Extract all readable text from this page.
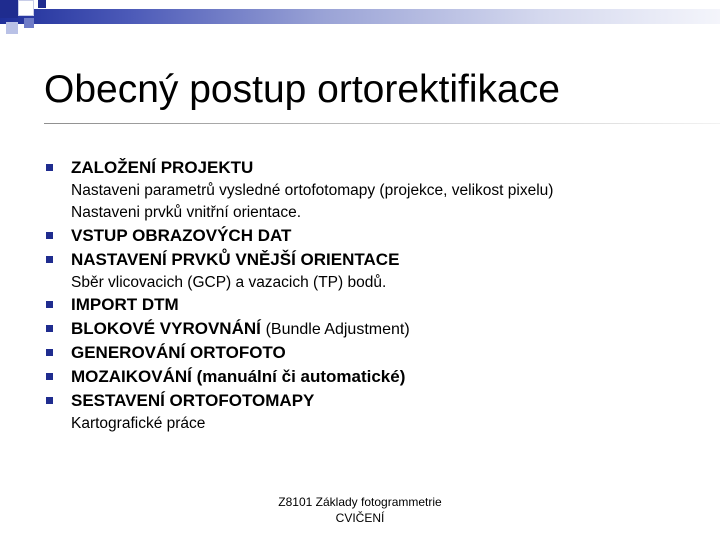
Obecný postup ortorektifikace
ZALOŽENÍ PROJEKTU
Nastaveni parametrů vysledné ortofotomapy (projekce, velikost pixelu)
Nastaveni prvků vnitřní orientace.
VSTUP OBRAZOVÝCH DAT
NASTAVENÍ PRVKŮ VNĚJŠÍ ORIENTACE
Sběr vlicovacich (GCP) a vazacich (TP) bodů.
IMPORT DTM
BLOKOVÉ VYROVNÁNÍ (Bundle Adjustment)
GENEROVÁNÍ ORTOFOTO
MOZAIKOVÁNÍ (manuální či automatické)
SESTAVENÍ ORTOFOTOMAPY
Kartografické práce
Z8101 Základy fotogrammetrie
CVIČENÍ
